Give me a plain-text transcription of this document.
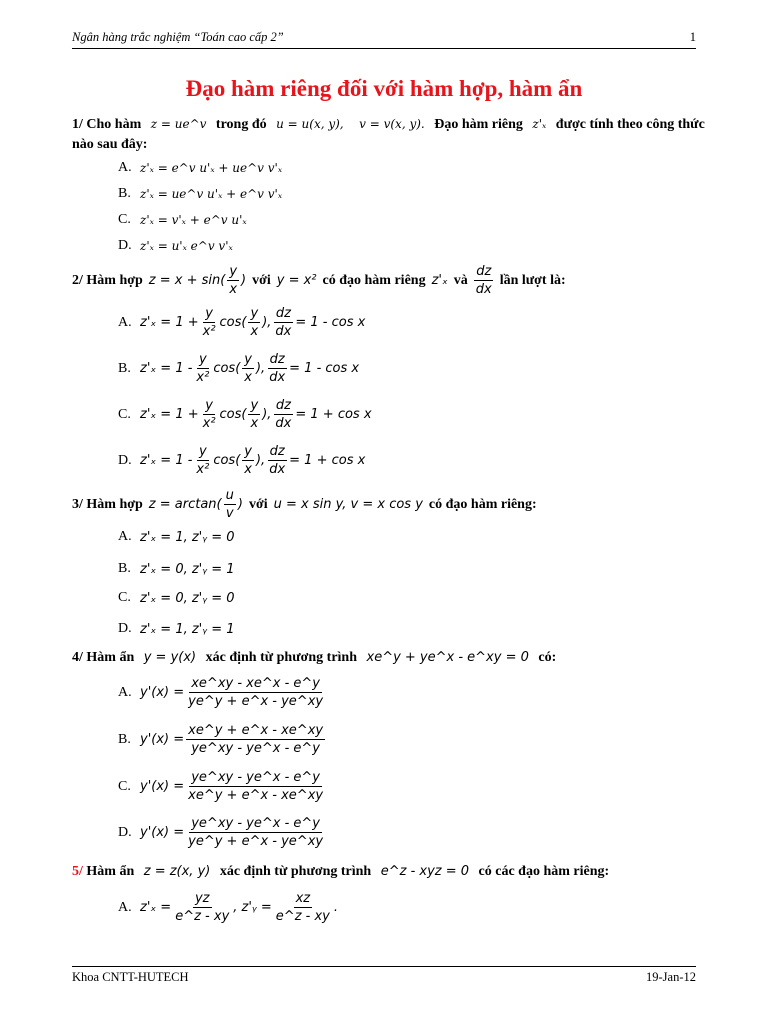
Ngân hàng trắc nghiệm “Toán cao cấp 2”	1
Đạo hàm riêng đối với hàm hợp, hàm ẩn
1/ Cho hàm z = ue^v trong đó u = u(x, y), v = v(x, y). Đạo hàm riêng z'ₓ được tính theo công thức nào sau đây:
A. z'ₓ = e^v u'ₓ + ue^v v'ₓ
B. z'ₓ = ue^v u'ₓ + e^v v'ₓ
C. z'ₓ = v'ₓ + e^v u'ₓ
D. z'ₓ = u'ₓ e^v v'ₓ
2/
Hàm hợp $z = x + \sin( \frac{y}{x}$ ) với y = x² có đạo hàm riêng z'ₓ và $\frac{dz}{dx}$ lần lượt là:
A. $z'_x = 1 + \frac{y}{\text{x²}} \cos( \frac{y}{x}$ ), $\frac{dz}{dx} = 1 - \cos x$
B. $z'_x = 1 - \frac{y}{\text{x²}} \cos( \frac{y}{x}$ ), $\frac{dz}{dx} = 1 - \cos x$
C. $z'_x = 1 + \frac{y}{\text{x²}} \cos( \frac{y}{x}$ ), $\frac{dz}{dx} = 1 + \cos x$
D. $z'_x = 1 - \frac{y}{\text{x²}} \cos( \frac{y}{x}$ ), $\frac{dz}{dx} = 1 + \cos x$
3/
Hàm hợp $z = \arctan( \frac{u}{v}$ ) với u = x sin y, v = x cos y có đạo hàm riêng:
A. z'ₓ = 1, z'ᵧ = 0
B. z'ₓ = 0, z'ᵧ = 1
C. z'ₓ = 0, z'ᵧ = 0
D. z'ₓ = 1, z'ᵧ = 1
4/ Hàm ẩn y = y(x) xác định từ phương trình xe^y + ye^x - e^xy = 0 có:
A. $y'(x) = \frac{xe\^{}xy - xe\^{}x - e\^{}y}{ye\^{}y + e\^{}x - ye\^{}xy}$
B. $y'(x) = \frac{xe\^{}y + e\^{}x - xe\^{}xy}{ye\^{}xy - ye\^{}x - e\^{}y}$
C. $y'(x) = \frac{ye\^{}xy - ye\^{}x - e\^{}y}{xe\^{}y + e\^{}x - xe\^{}xy}$
D. $y'(x) = \frac{ye\^{}xy - ye\^{}x - e\^{}y}{ye\^{}y + e\^{}x - ye\^{}xy}$
5/ Hàm ẩn z = z(x, y) xác định từ phương trình e^z - xyz = 0 có các đạo hàm riêng:
A. $z'_x = \frac{yz}{e\^{}z - xy}$ , z'ᵧ = $\frac{xz}{e\^{}z - xy}$ .
Khoa CNTT-HUTECH	19-Jan-12
